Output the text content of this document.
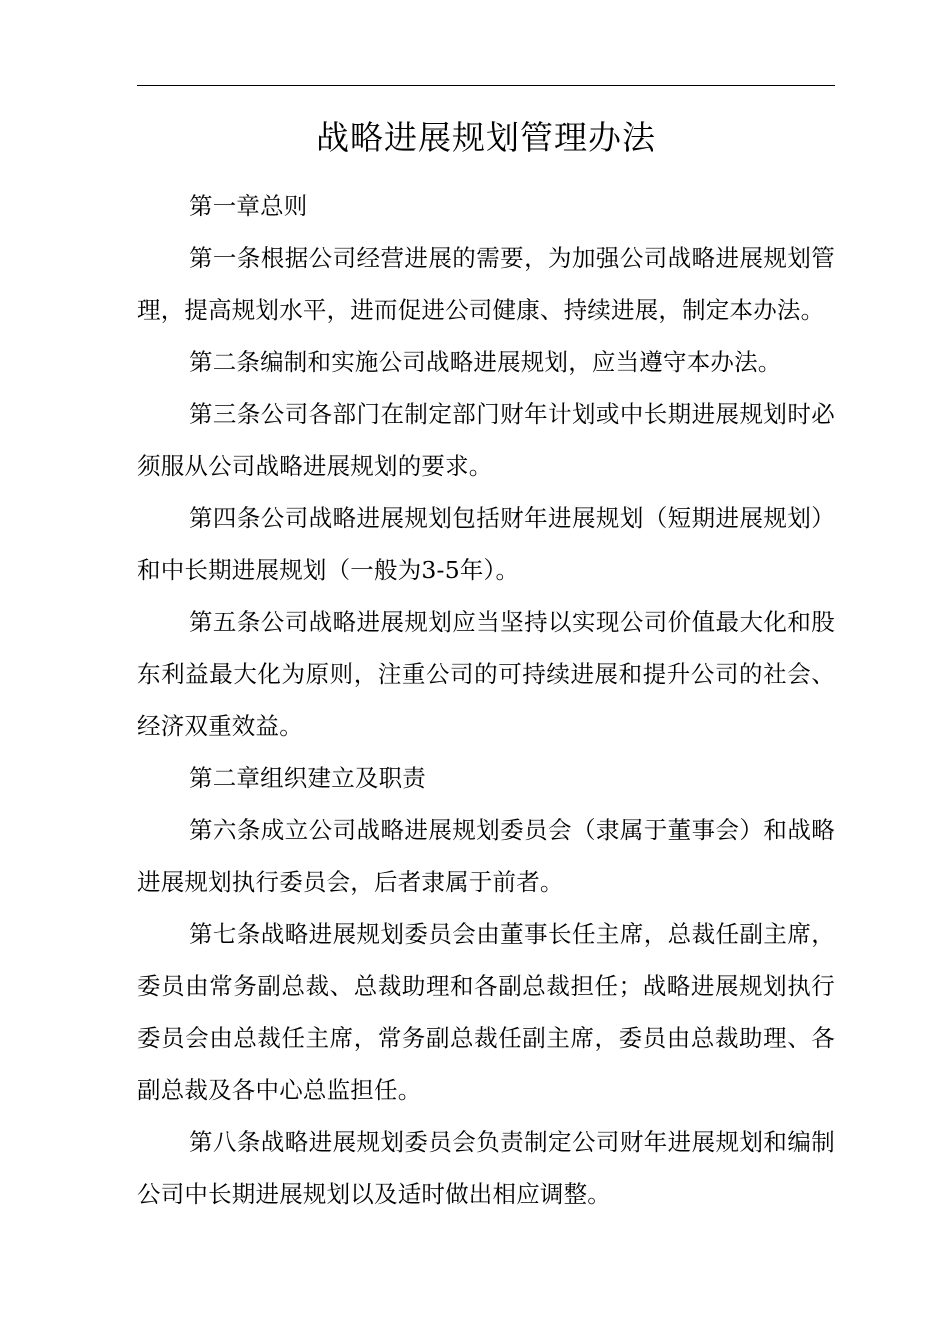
战略进展规划管理办法

第一章总则

第一条根据公司经营进展的需要，为加强公司战略进展规划管理，提高规划水平，进而促进公司健康、持续进展，制定本办法。

第二条编制和实施公司战略进展规划，应当遵守本办法。

第三条公司各部门在制定部门财年计划或中长期进展规划时必须服从公司战略进展规划的要求。

第四条公司战略进展规划包括财年进展规划（短期进展规划）和中长期进展规划（一般为3-5年）。

第五条公司战略进展规划应当坚持以实现公司价值最大化和股东利益最大化为原则，注重公司的可持续进展和提升公司的社会、经济双重效益。

第二章组织建立及职责

第六条成立公司战略进展规划委员会（隶属于董事会）和战略进展规划执行委员会，后者隶属于前者。

第七条战略进展规划委员会由董事长任主席，总裁任副主席，委员由常务副总裁、总裁助理和各副总裁担任；战略进展规划执行委员会由总裁任主席，常务副总裁任副主席，委员由总裁助理、各副总裁及各中心总监担任。

第八条战略进展规划委员会负责制定公司财年进展规划和编制公司中长期进展规划以及适时做出相应调整。
